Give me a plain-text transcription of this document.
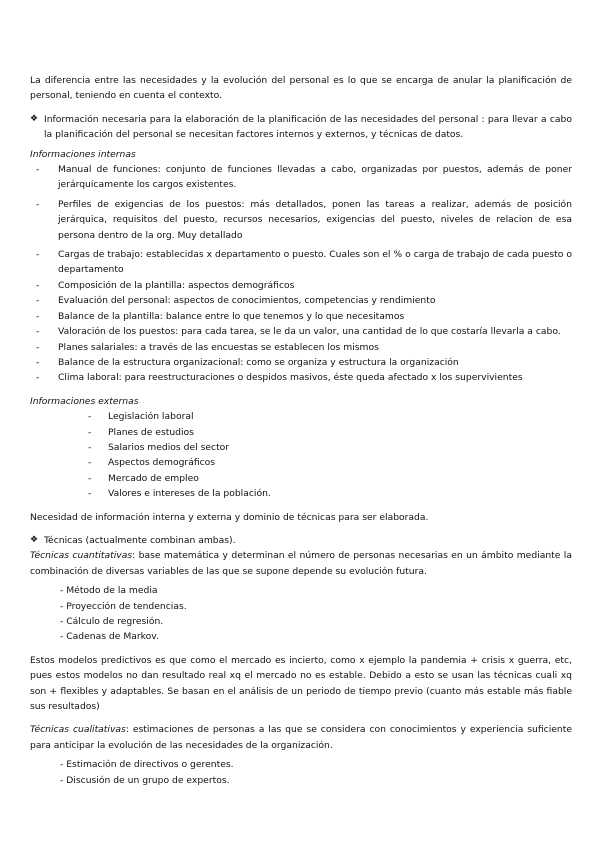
La diferencia entre las necesidades y la evolución del personal es lo que se encarga de anular la planificación de personal, teniendo en cuenta el contexto.

❖ Información necesaria para la elaboración de la planificación de las necesidades del personal : para llevar a cabo la planificación del personal se necesitan factores internos y externos, y técnicas de datos.

Informaciones internas

-	Manual de funciones: conjunto de funciones llevadas a cabo, organizadas por puestos, además de poner jerárquicamente los cargos existentes.
-	Perfiles de exigencias de los puestos: más detallados, ponen las tareas a realizar, además de posición jerárquica, requisitos del puesto, recursos necesarios, exigencias del puesto, niveles de relacion de esa persona dentro de la org. Muy detallado
-	Cargas de trabajo: establecidas x departamento o puesto. Cuales son el % o carga de trabajo de cada puesto o departamento
-	Composición de la plantilla: aspectos demográficos
-	Evaluación del personal: aspectos de conocimientos, competencias y rendimiento
-	Balance de la plantilla: balance entre lo que tenemos y lo que necesitamos
-	Valoración de los puestos: para cada tarea, se le da un valor, una cantidad de lo que costaría llevarla a cabo.
-	Planes salariales: a través de las encuestas se establecen los mismos
-	Balance de la estructura organizacional: como se organiza y estructura la organización
-	Clima laboral: para reestructuraciones o despidos masivos, éste queda afectado x los supervivientes

Informaciones externas

-	Legislación laboral
-	Planes de estudios
-	Salarios medios del sector
-	Aspectos demográficos
-	Mercado de empleo
-	Valores e intereses de la población.

Necesidad de información interna y externa y dominio de técnicas para ser elaborada.

❖ Técnicas (actualmente combinan ambas).

Técnicas cuantitativas: base matemática y determinan el número de personas necesarias en un ámbito mediante la combinación de diversas variables de las que se supone depende su evolución futura.

- Método de la media
- Proyección de tendencias.
- Cálculo de regresión.
- Cadenas de Markov.

Estos modelos predictivos es que como el mercado es incierto, como x ejemplo la pandemia + crisis x guerra, etc, pues estos modelos no dan resultado real xq el mercado no es estable. Debido a esto se usan las técnicas cuali xq son + flexibles y adaptables. Se basan en el análisis de un periodo de tiempo previo (cuanto más estable más fiable sus resultados)

Técnicas cualitativas: estimaciones de personas a las que se considera con conocimientos y experiencia suficiente para anticipar la evolución de las necesidades de la organización.

- Estimación de directivos o gerentes.
- Discusión de un grupo de expertos.
